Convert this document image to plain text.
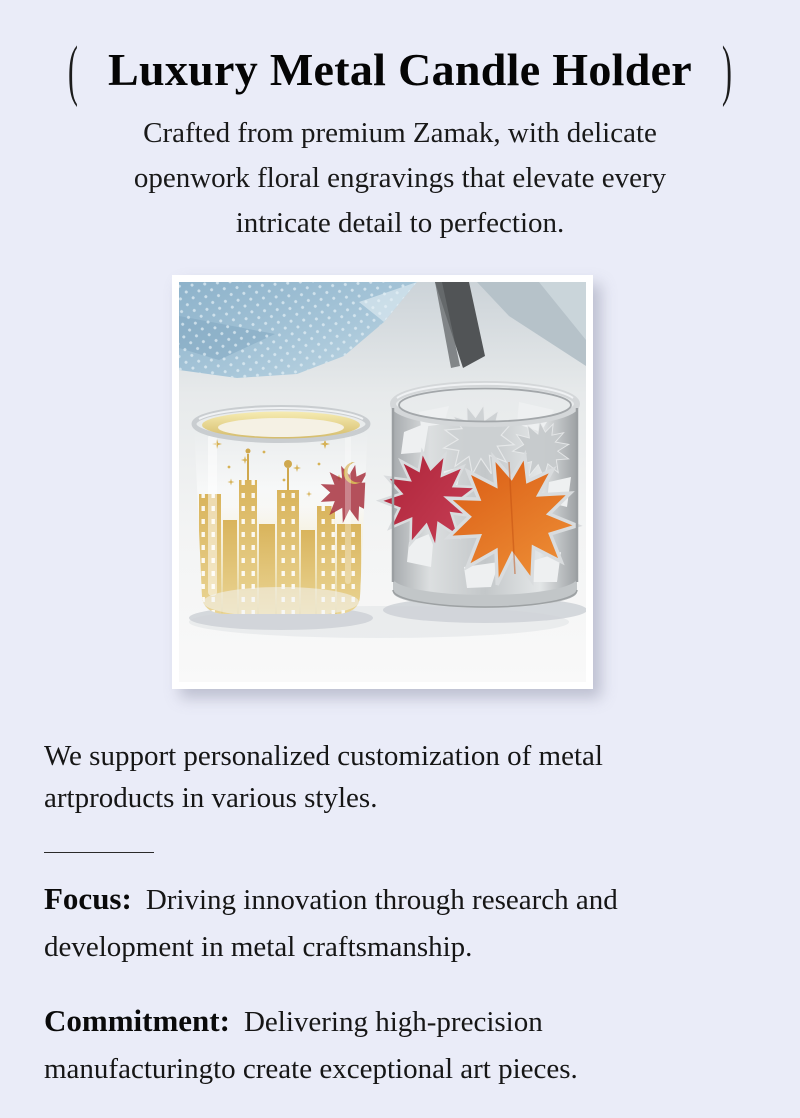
( Luxury Metal Candle Holder )
Crafted from premium Zamak, with delicate
openwork floral engravings that elevate every
intricate detail to perfection.
We support personalized customization of metal
artproducts in various styles.
Focus: Driving innovation through research and
development in metal craftsmanship.
Commitment: Delivering high-precision
manufacturingto create exceptional art pieces.
